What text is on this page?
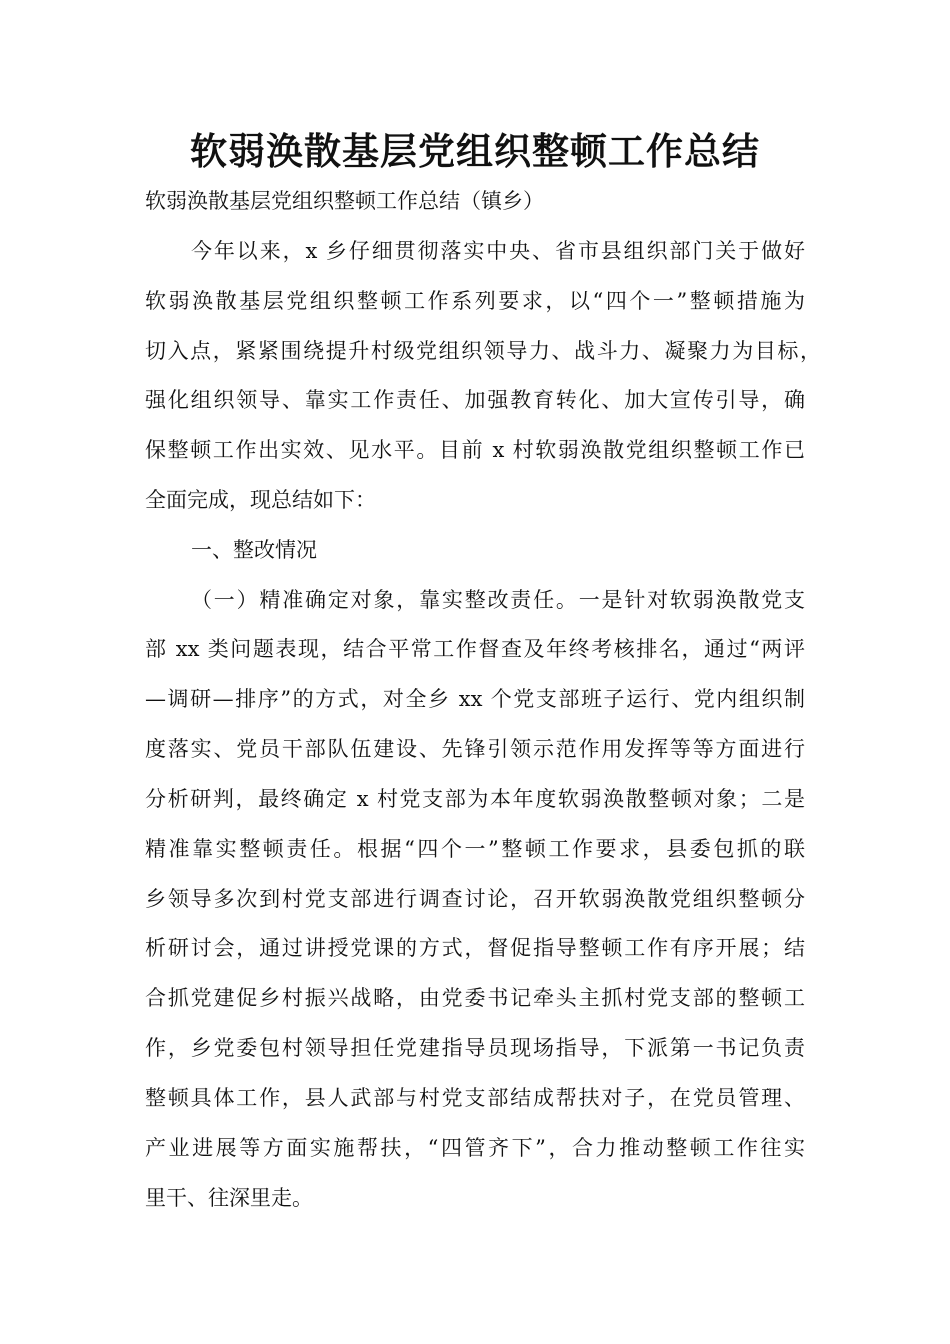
软弱涣散基层党组织整顿工作总结
软弱涣散基层党组织整顿工作总结（镇乡）
今年以来，x 乡仔细贯彻落实中央、省市县组织部门关于做好
软弱涣散基层党组织整顿工作系列要求，以“四个一”整顿措施为
切入点，紧紧围绕提升村级党组织领导力、战斗力、凝聚力为目标，
强化组织领导、靠实工作责任、加强教育转化、加大宣传引导，确
保整顿工作出实效、见水平。目前 x 村软弱涣散党组织整顿工作已
全面完成，现总结如下：
一、整改情况
（一）精准确定对象，靠实整改责任。一是针对软弱涣散党支
部 xx 类问题表现，结合平常工作督查及年终考核排名，通过“两评
—调研—排序”的方式，对全乡 xx 个党支部班子运行、党内组织制
度落实、党员干部队伍建设、先锋引领示范作用发挥等等方面进行
分析研判，最终确定 x 村党支部为本年度软弱涣散整顿对象；二是
精准靠实整顿责任。根据“四个一”整顿工作要求，县委包抓的联
乡领导多次到村党支部进行调查讨论，召开软弱涣散党组织整顿分
析研讨会，通过讲授党课的方式，督促指导整顿工作有序开展；结
合抓党建促乡村振兴战略，由党委书记牵头主抓村党支部的整顿工
作，乡党委包村领导担任党建指导员现场指导，下派第一书记负责
整顿具体工作，县人武部与村党支部结成帮扶对子，在党员管理、
产业进展等方面实施帮扶，“四管齐下”，合力推动整顿工作往实
里干、往深里走。
